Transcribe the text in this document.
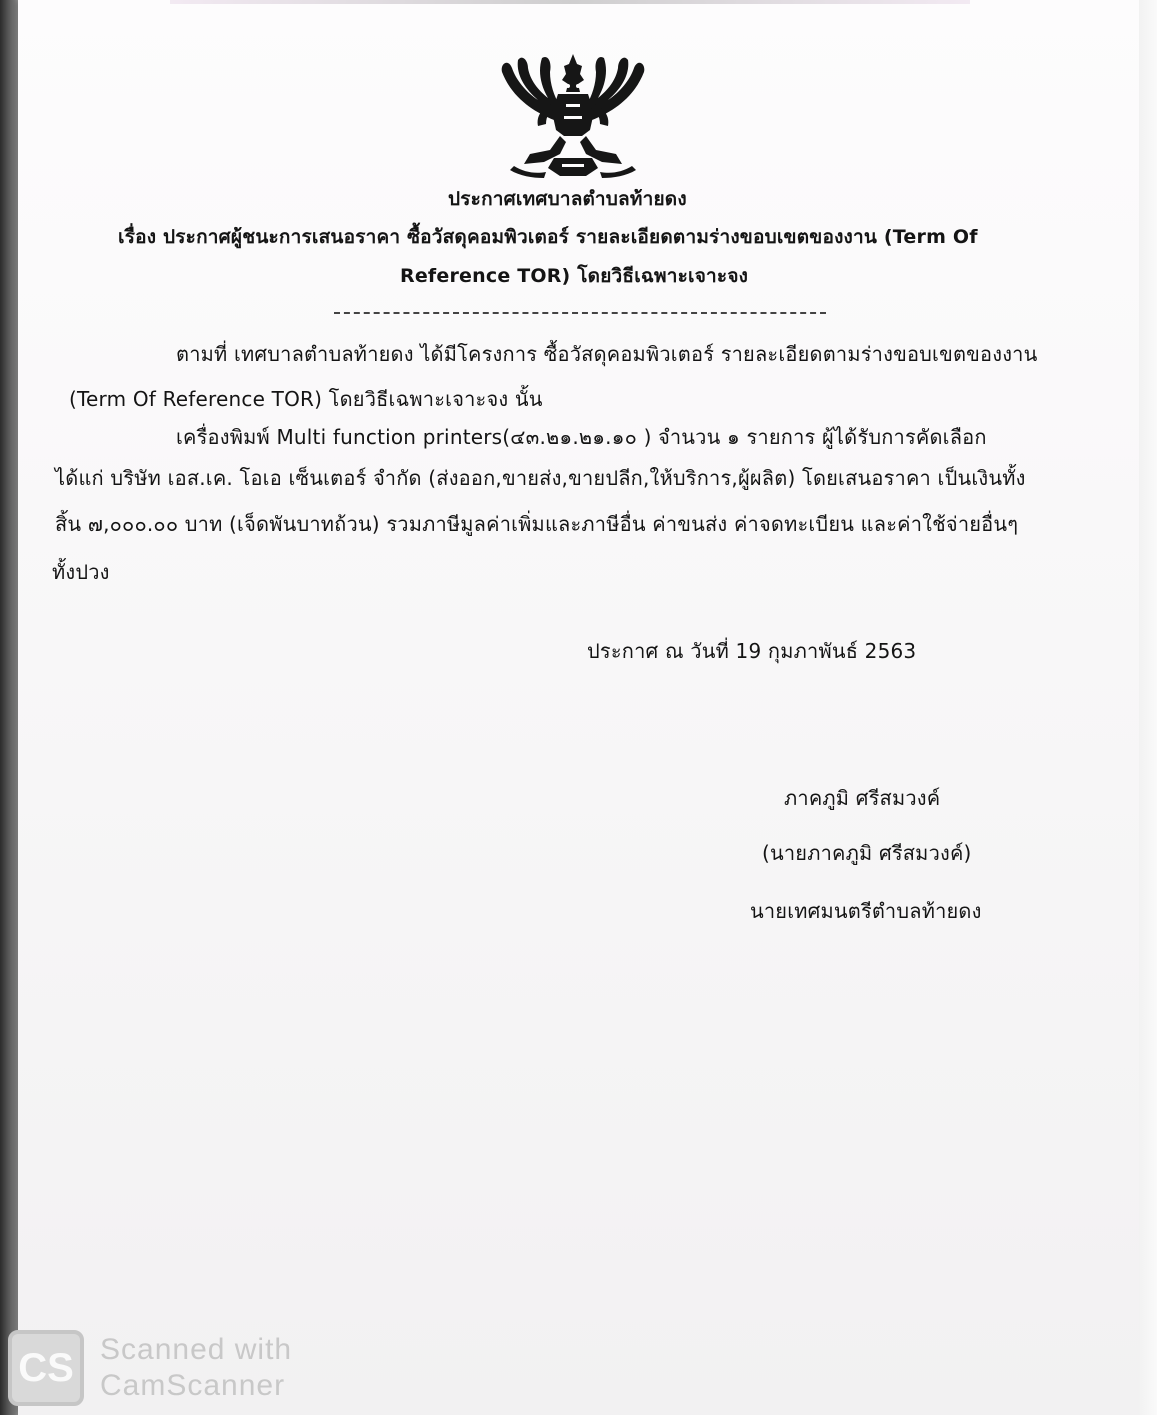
ประกาศเทศบาลตำบลท้ายดง
เรื่อง ประกาศผู้ชนะการเสนอราคา ซื้อวัสดุคอมพิวเตอร์ รายละเอียดตามร่างขอบเขตของงาน (Term Of
Reference TOR) โดยวิธีเฉพาะเจาะจง
ตามที่ เทศบาลตำบลท้ายดง ได้มีโครงการ ซื้อวัสดุคอมพิวเตอร์ รายละเอียดตามร่างขอบเขตของงาน
(Term Of Reference TOR) โดยวิธีเฉพาะเจาะจง นั้น
เครื่องพิมพ์ Multi function printers(๔๓.๒๑.๒๑.๑๐ ) จำนวน ๑ รายการ ผู้ได้รับการคัดเลือก
ได้แก่ บริษัท เอส.เค. โอเอ เซ็นเตอร์ จำกัด (ส่งออก,ขายส่ง,ขายปลีก,ให้บริการ,ผู้ผลิต) โดยเสนอราคา เป็นเงินทั้ง
สิ้น ๗,๐๐๐.๐๐ บาท (เจ็ดพันบาทถ้วน) รวมภาษีมูลค่าเพิ่มและภาษีอื่น ค่าขนส่ง ค่าจดทะเบียน และค่าใช้จ่ายอื่นๆ
ทั้งปวง
ประกาศ ณ วันที่ 19 กุมภาพันธ์ 2563
ภาคภูมิ ศรีสมวงค์
(นายภาคภูมิ ศรีสมวงค์)
นายเทศมนตรีตำบลท้ายดง
CS Scanned with
CamScanner
